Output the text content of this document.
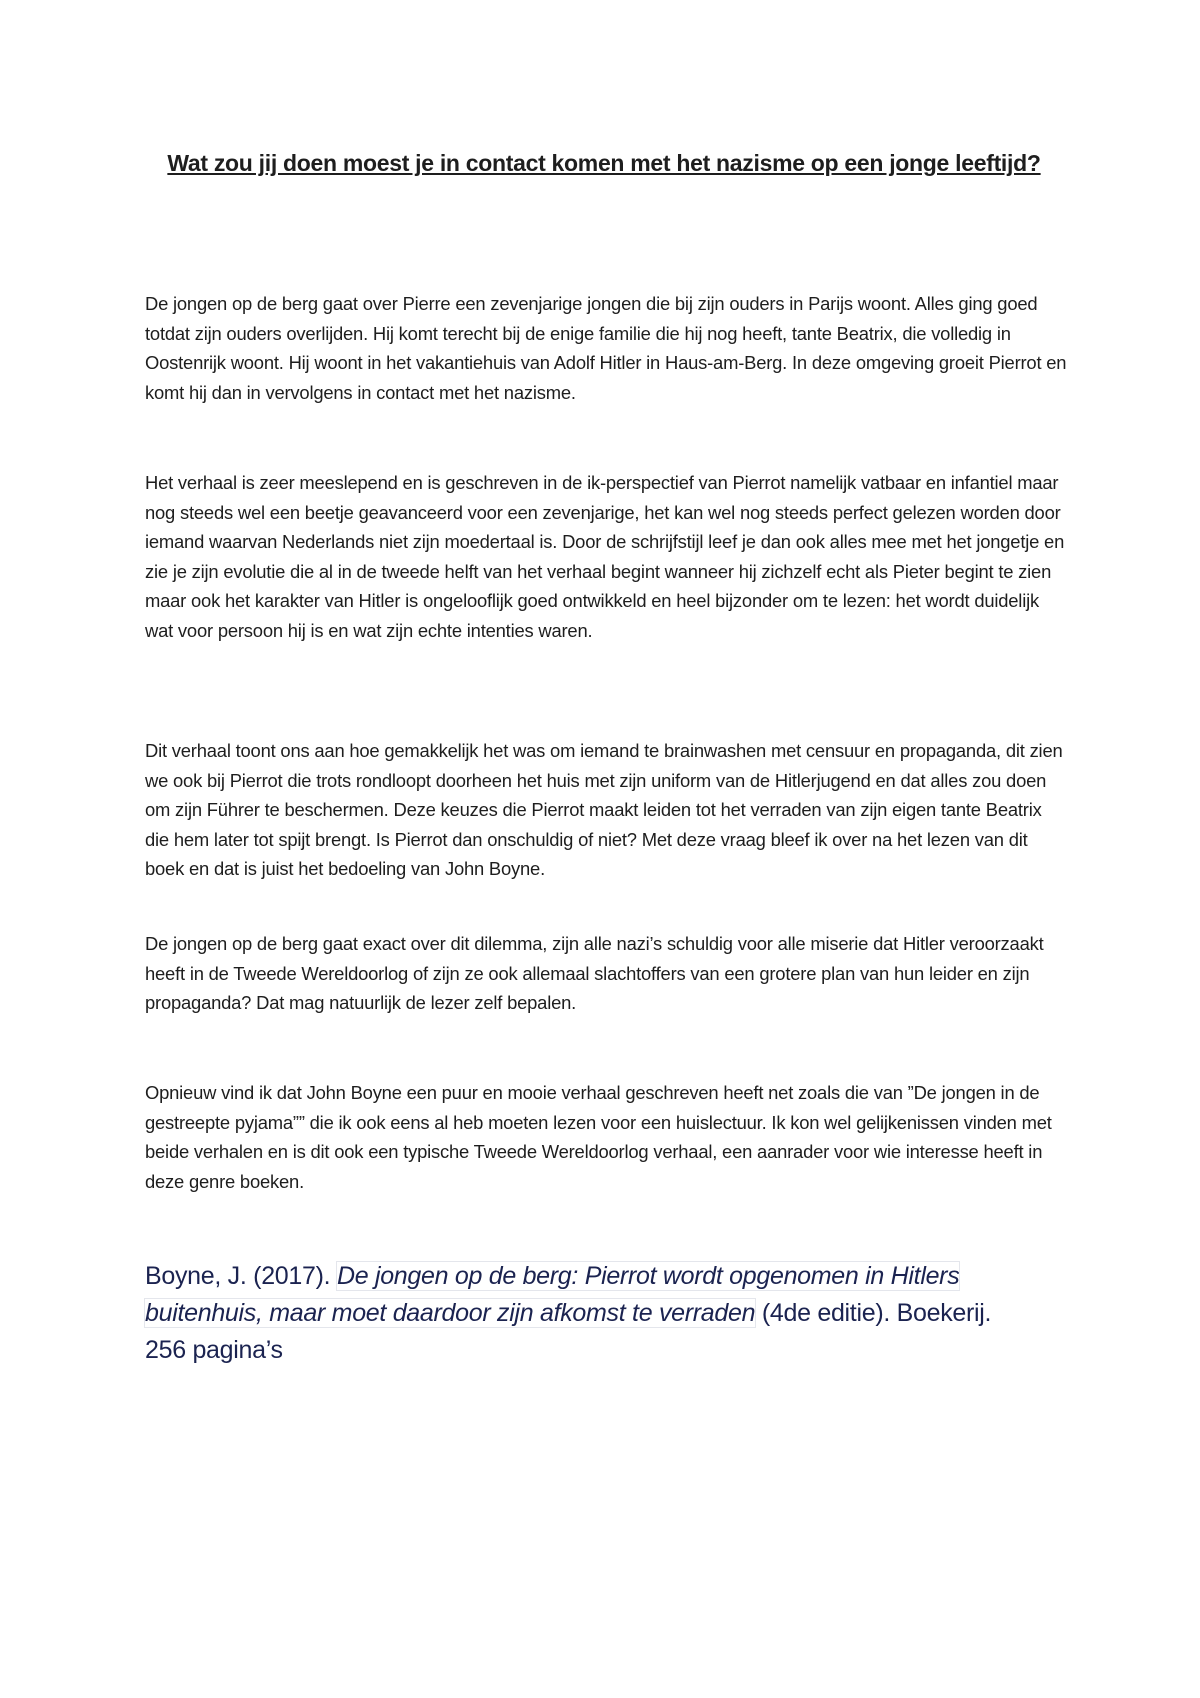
Wat zou jij doen moest je in contact komen met het nazisme op een jonge leeftijd?

De jongen op de berg gaat over Pierre een zevenjarige jongen die bij zijn ouders in Parijs woont. Alles ging goed totdat zijn ouders overlijden. Hij komt terecht bij de enige familie die hij nog heeft, tante Beatrix, die volledig in Oostenrijk woont. Hij woont in het vakantiehuis van Adolf Hitler in Haus-am-Berg. In deze omgeving groeit Pierrot en komt hij dan in vervolgens in contact met het nazisme.

Het verhaal is zeer meeslepend en is geschreven in de ik-perspectief van Pierrot namelijk vatbaar en infantiel maar nog steeds wel een beetje geavanceerd voor een zevenjarige, het kan wel nog steeds perfect gelezen worden door iemand waarvan Nederlands niet zijn moedertaal is. Door de schrijfstijl leef je dan ook alles mee met het jongetje en zie je zijn evolutie die al in de tweede helft van het verhaal begint wanneer hij zichzelf echt als Pieter begint te zien maar ook het karakter van Hitler is ongelooflijk goed ontwikkeld en heel bijzonder om te lezen: het wordt duidelijk wat voor persoon hij is en wat zijn echte intenties waren.

Dit verhaal toont ons aan hoe gemakkelijk het was om iemand te brainwashen met censuur en propaganda, dit zien we ook bij Pierrot die trots rondloopt doorheen het huis met zijn uniform van de Hitlerjugend en dat alles zou doen om zijn Führer te beschermen. Deze keuzes die Pierrot maakt leiden tot het verraden van zijn eigen tante Beatrix die hem later tot spijt brengt. Is Pierrot dan onschuldig of niet? Met deze vraag bleef ik over na het lezen van dit boek en dat is juist het bedoeling van John Boyne.

De jongen op de berg gaat exact over dit dilemma, zijn alle nazi’s schuldig voor alle miserie dat Hitler veroorzaakt heeft in de Tweede Wereldoorlog of zijn ze ook allemaal slachtoffers van een grotere plan van hun leider en zijn propaganda? Dat mag natuurlijk de lezer zelf bepalen.

Opnieuw vind ik dat John Boyne een puur en mooie verhaal geschreven heeft net zoals die van ”De jongen in de gestreepte pyjama”” die ik ook eens al heb moeten lezen voor een huislectuur. Ik kon wel gelijkenissen vinden met beide verhalen en is dit ook een typische Tweede Wereldoorlog verhaal, een aanrader voor wie interesse heeft in deze genre boeken.

Boyne, J. (2017). De jongen op de berg: Pierrot wordt opgenomen in Hitlers buitenhuis, maar moet daardoor zijn afkomst te verraden (4de editie). Boekerij.
256 pagina’s
